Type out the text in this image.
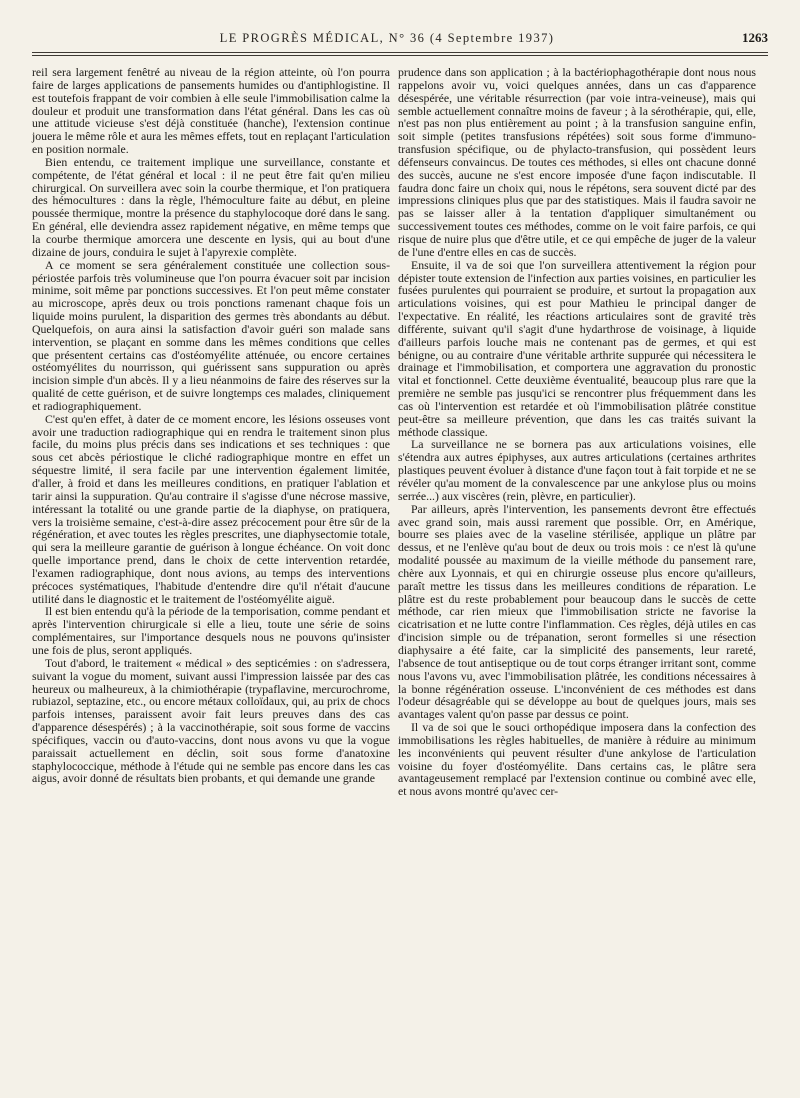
LE PROGRÈS MÉDICAL, N° 36 (4 Septembre 1937)	1263

reil sera largement fenêtré au niveau de la région atteinte, où l'on pourra faire de larges applications de pansements humides ou d'antiphlogistine. Il est toutefois frappant de voir combien à elle seule l'immobilisation calme la douleur et produit une transformation dans l'état général. Dans les cas où une attitude vicieuse s'est déjà constituée (hanche), l'extension continue jouera le même rôle et aura les mêmes effets, tout en replaçant l'articulation en position normale.

Bien entendu, ce traitement implique une surveillance, constante et compétente, de l'état général et local : il ne peut être fait qu'en milieu chirurgical. On surveillera avec soin la courbe thermique, et l'on pratiquera des hémocultures : dans la règle, l'hémoculture faite au début, en pleine poussée thermique, montre la présence du staphylocoque doré dans le sang. En général, elle deviendra assez rapidement négative, en même temps que la courbe thermique amorcera une descente en lysis, qui au bout d'une dizaine de jours, conduira le sujet à l'apyrexie complète.

A ce moment se sera généralement constituée une collection sous-périostée parfois très volumineuse que l'on pourra évacuer soit par incision minime, soit même par ponctions successives. Et l'on peut même constater au microscope, après deux ou trois ponctions ramenant chaque fois un liquide moins purulent, la disparition des germes très abondants au début. Quelquefois, on aura ainsi la satisfaction d'avoir guéri son malade sans intervention, se plaçant en somme dans les mêmes conditions que celles que présentent certains cas d'ostéomyélite atténuée, ou encore certaines ostéomyélites du nourrisson, qui guérissent sans suppuration ou après incision simple d'un abcès. Il y a lieu néanmoins de faire des réserves sur la qualité de cette guérison, et de suivre longtemps ces malades, cliniquement et radiographiquement.

C'est qu'en effet, à dater de ce moment encore, les lésions osseuses vont avoir une traduction radiographique qui en rendra le traitement sinon plus facile, du moins plus précis dans ses indications et ses techniques : que sous cet abcès périostique le cliché radiographique montre en effet un séquestre limité, il sera facile par une intervention également limitée, d'aller, à froid et dans les meilleures conditions, en pratiquer l'ablation et tarir ainsi la suppuration. Qu'au contraire il s'agisse d'une nécrose massive, intéressant la totalité ou une grande partie de la diaphyse, on pratiquera, vers la troisième semaine, c'est-à-dire assez précocement pour être sûr de la régénération, et avec toutes les règles prescrites, une diaphysectomie totale, qui sera la meilleure garantie de guérison à longue échéance. On voit donc quelle importance prend, dans le choix de cette intervention retardée, l'examen radiographique, dont nous avions, au temps des interventions précoces systématiques, l'habitude d'entendre dire qu'il n'était d'aucune utilité dans le diagnostic et le traitement de l'ostéomyélite aiguë.

Il est bien entendu qu'à la période de la temporisation, comme pendant et après l'intervention chirurgicale si elle a lieu, toute une série de soins complémentaires, sur l'importance desquels nous ne pouvons qu'insister une fois de plus, seront appliqués.

Tout d'abord, le traitement « médical » des septicémies : on s'adressera, suivant la vogue du moment, suivant aussi l'impression laissée par des cas heureux ou malheureux, à la chimiothérapie (trypaflavine, mercurochrome, rubiazol, septazine, etc., ou encore métaux colloïdaux, qui, au prix de chocs parfois intenses, paraissent avoir fait leurs preuves dans des cas d'apparence désespérés) ; à la vaccinothérapie, soit sous forme de vaccins spécifiques, vaccin ou d'auto-vaccins, dont nous avons vu que la vogue paraissait actuellement en déclin, soit sous forme d'anatoxine staphylococcique, méthode à l'étude qui ne semble pas encore dans les cas aigus, avoir donné de résultats bien probants, et qui demande une grande

prudence dans son application ; à la bactériophagothérapie dont nous nous rappelons avoir vu, voici quelques années, dans un cas d'apparence désespérée, une véritable résurrection (par voie intra-veineuse), mais qui semble actuellement connaître moins de faveur ; à la sérothérapie, qui, elle, n'est pas non plus entièrement au point ; à la transfusion sanguine enfin, soit simple (petites transfusions répétées) soit sous forme d'immuno-transfusion spécifique, ou de phylacto-transfusion, qui possèdent leurs défenseurs convaincus. De toutes ces méthodes, si elles ont chacune donné des succès, aucune ne s'est encore imposée d'une façon indiscutable. Il faudra donc faire un choix qui, nous le répétons, sera souvent dicté par des impressions cliniques plus que par des statistiques. Mais il faudra savoir ne pas se laisser aller à la tentation d'appliquer simultanément ou successivement toutes ces méthodes, comme on le voit faire parfois, ce qui risque de nuire plus que d'être utile, et ce qui empêche de juger de la valeur de l'une d'entre elles en cas de succès.

Ensuite, il va de soi que l'on surveillera attentivement la région pour dépister toute extension de l'infection aux parties voisines, en particulier les fusées purulentes qui pourraient se produire, et surtout la propagation aux articulations voisines, qui est pour Mathieu le principal danger de l'expectative. En réalité, les réactions articulaires sont de gravité très différente, suivant qu'il s'agit d'une hydarthrose de voisinage, à liquide d'ailleurs parfois louche mais ne contenant pas de germes, et qui est bénigne, ou au contraire d'une véritable arthrite suppurée qui nécessitera le drainage et l'immobilisation, et comportera une aggravation du pronostic vital et fonctionnel. Cette deuxième éventualité, beaucoup plus rare que la première ne semble pas jusqu'ici se rencontrer plus fréquemment dans les cas où l'intervention est retardée et où l'immobilisation plâtrée constitue peut-être sa meilleure prévention, que dans les cas traités suivant la méthode classique.

La surveillance ne se bornera pas aux articulations voisines, elle s'étendra aux autres épiphyses, aux autres articulations (certaines arthrites plastiques peuvent évoluer à distance d'une façon tout à fait torpide et ne se révéler qu'au moment de la convalescence par une ankylose plus ou moins serrée...) aux viscères (rein, plèvre, en particulier).

Par ailleurs, après l'intervention, les pansements devront être effectués avec grand soin, mais aussi rarement que possible. Orr, en Amérique, bourre ses plaies avec de la vaseline stérilisée, applique un plâtre par dessus, et ne l'enlève qu'au bout de deux ou trois mois : ce n'est là qu'une modalité poussée au maximum de la vieille méthode du pansement rare, chère aux Lyonnais, et qui en chirurgie osseuse plus encore qu'ailleurs, paraît mettre les tissus dans les meilleures conditions de réparation. Le plâtre est du reste probablement pour beaucoup dans le succès de cette méthode, car rien mieux que l'immobilisation stricte ne favorise la cicatrisation et ne lutte contre l'inflammation. Ces règles, déjà utiles en cas d'incision simple ou de trépanation, seront formelles si une résection diaphysaire a été faite, car la simplicité des pansements, leur rareté, l'absence de tout antiseptique ou de tout corps étranger irritant sont, comme nous l'avons vu, avec l'immobilisation plâtrée, les conditions nécessaires à la bonne régénération osseuse. L'inconvénient de ces méthodes est dans l'odeur désagréable qui se développe au bout de quelques jours, mais ses avantages valent qu'on passe par dessus ce point.

Il va de soi que le souci orthopédique imposera dans la confection des immobilisations les règles habituelles, de manière à réduire au minimum les inconvénients qui peuvent résulter d'une ankylose de l'articulation voisine du foyer d'ostéomyélite. Dans certains cas, le plâtre sera avantageusement remplacé par l'extension continue ou combiné avec elle, et nous avons montré qu'avec cer-
